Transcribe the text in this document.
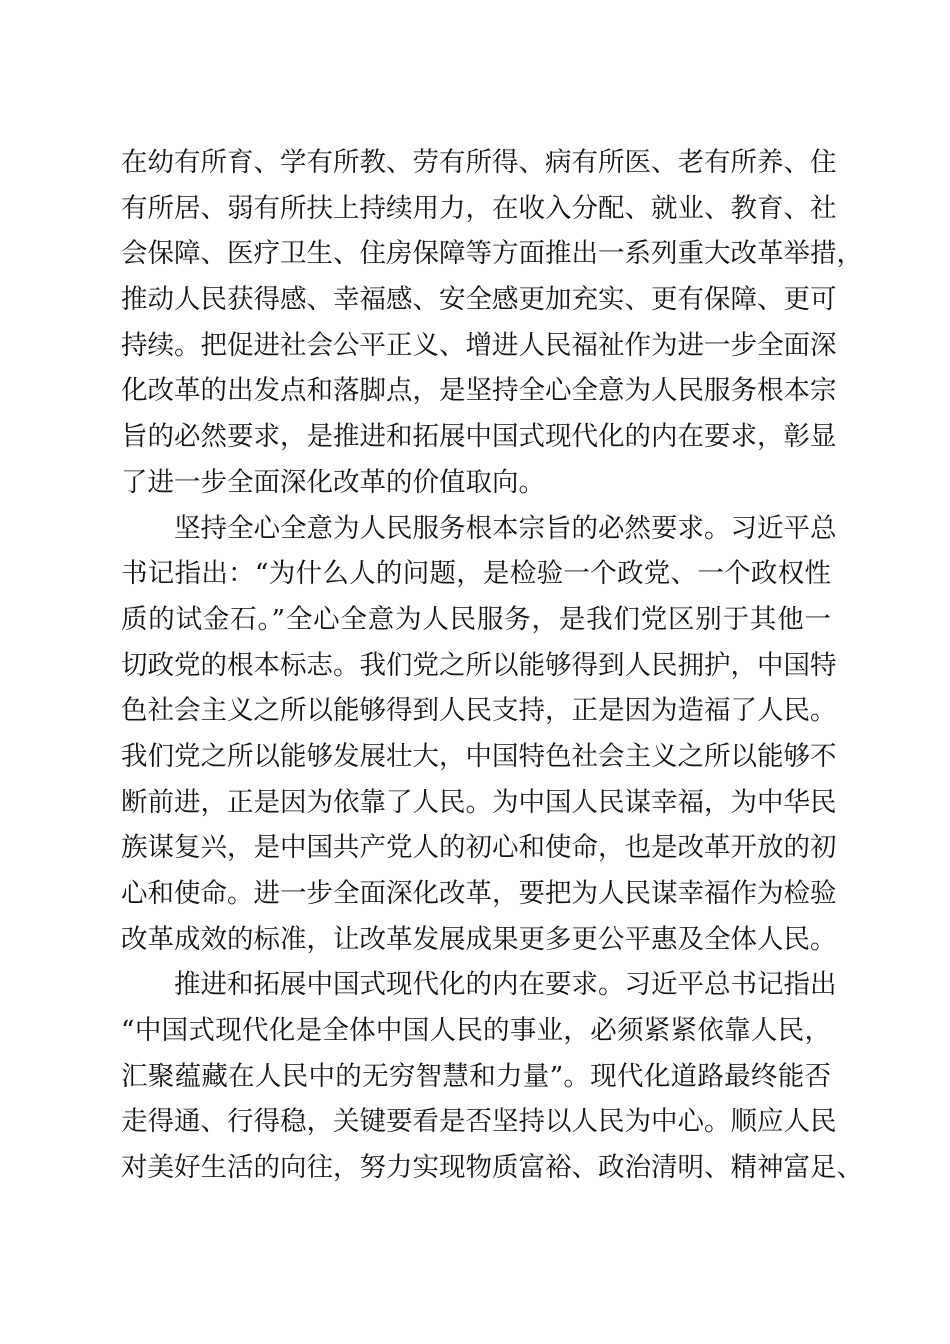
在幼有所育、学有所教、劳有所得、病有所医、老有所养、住
有所居、弱有所扶上持续用力，在收入分配、就业、教育、社
会保障、医疗卫生、住房保障等方面推出一系列重大改革举措，
推动人民获得感、幸福感、安全感更加充实、更有保障、更可
持续。把促进社会公平正义、增进人民福祉作为进一步全面深
化改革的出发点和落脚点，是坚持全心全意为人民服务根本宗
旨的必然要求，是推进和拓展中国式现代化的内在要求，彰显
了进一步全面深化改革的价值取向。
坚持全心全意为人民服务根本宗旨的必然要求。习近平总
书记指出：“为什么人的问题，是检验一个政党、一个政权性
质的试金石。”全心全意为人民服务，是我们党区别于其他一
切政党的根本标志。我们党之所以能够得到人民拥护，中国特
色社会主义之所以能够得到人民支持，正是因为造福了人民。
我们党之所以能够发展壮大，中国特色社会主义之所以能够不
断前进，正是因为依靠了人民。为中国人民谋幸福，为中华民
族谋复兴，是中国共产党人的初心和使命，也是改革开放的初
心和使命。进一步全面深化改革，要把为人民谋幸福作为检验
改革成效的标准，让改革发展成果更多更公平惠及全体人民。
推进和拓展中国式现代化的内在要求。习近平总书记指出
“中国式现代化是全体中国人民的事业，必须紧紧依靠人民，
汇聚蕴藏在人民中的无穷智慧和力量”。现代化道路最终能否
走得通、行得稳，关键要看是否坚持以人民为中心。顺应人民
对美好生活的向往，努力实现物质富裕、政治清明、精神富足、
